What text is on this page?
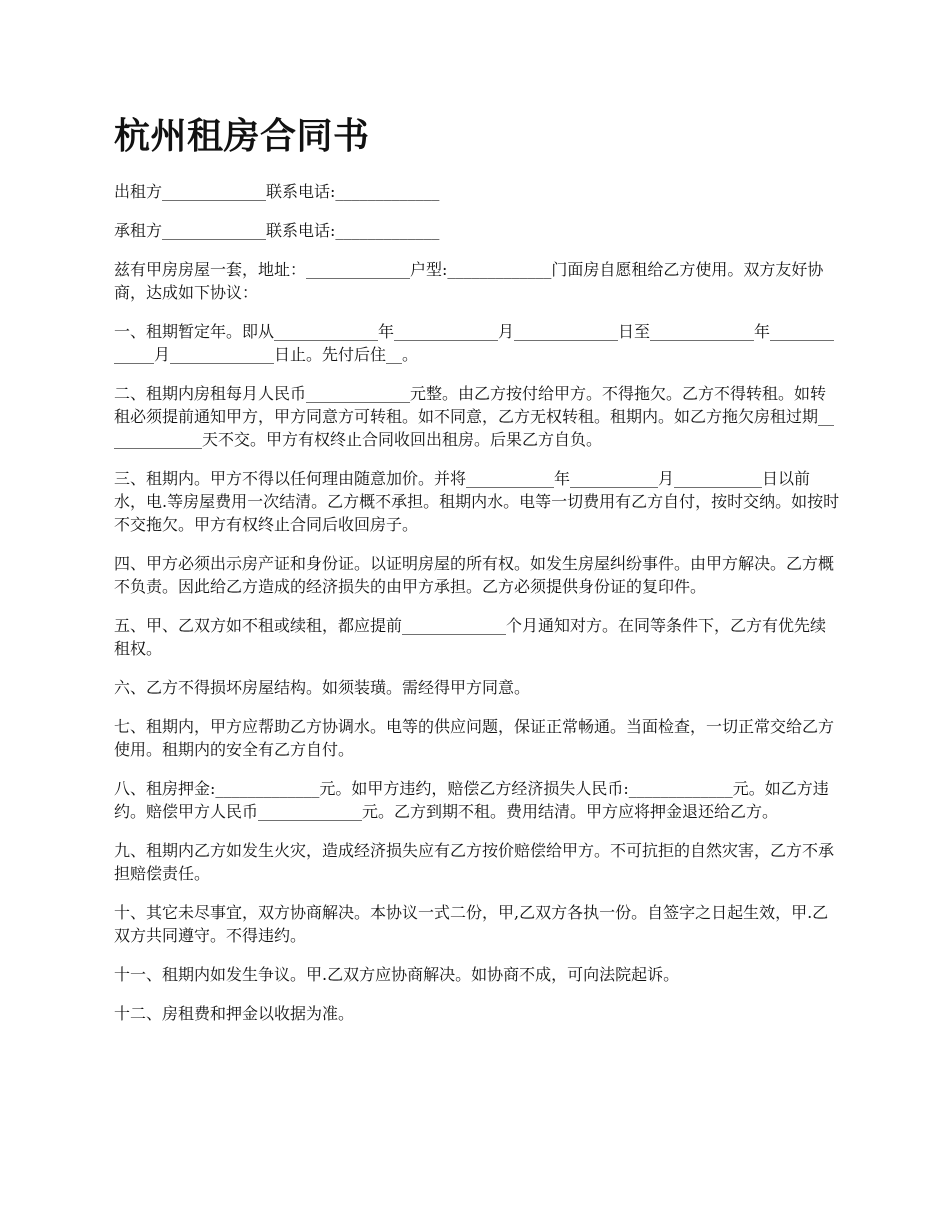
杭州租房合同书

出租方_____________联系电话:_____________

承租方_____________联系电话:_____________

兹有甲房房屋一套，地址：_____________户型:_____________门面房自愿租给乙方使用。双方友好协商，达成如下协议：

一、租期暂定年。即从_____________年_____________月_____________日至_____________年_____________月_____________日止。先付后住__。

二、租期内房租每月人民币_____________元整。由乙方按付给甲方。不得拖欠。乙方不得转租。如转租必须提前通知甲方，甲方同意方可转租。如不同意，乙方无权转租。租期内。如乙方拖欠房租过期_____________天不交。甲方有权终止合同收回出租房。后果乙方自负。

三、租期内。甲方不得以任何理由随意加价。并将___________年___________月___________日以前水，电.等房屋费用一次结清。乙方概不承担。租期内水。电等一切费用有乙方自付，按时交纳。如按时不交拖欠。甲方有权终止合同后收回房子。

四、甲方必须出示房产证和身份证。以证明房屋的所有权。如发生房屋纠纷事件。由甲方解决。乙方概不负责。因此给乙方造成的经济损失的由甲方承担。乙方必须提供身份证的复印件。

五、甲、乙双方如不租或续租，都应提前_____________个月通知对方。在同等条件下，乙方有优先续租权。

六、乙方不得损坏房屋结构。如须装璜。需经得甲方同意。

七、租期内，甲方应帮助乙方协调水。电等的供应问题，保证正常畅通。当面检查，一切正常交给乙方使用。租期内的安全有乙方自付。

八、租房押金:_____________元。如甲方违约，赔偿乙方经济损失人民币:_____________元。如乙方违约。赔偿甲方人民币_____________元。乙方到期不租。费用结清。甲方应将押金退还给乙方。

九、租期内乙方如发生火灾，造成经济损失应有乙方按价赔偿给甲方。不可抗拒的自然灾害，乙方不承担赔偿责任。

十、其它未尽事宜，双方协商解决。本协议一式二份，甲,乙双方各执一份。自签字之日起生效，甲.乙双方共同遵守。不得违约。

十一、租期内如发生争议。甲.乙双方应协商解决。如协商不成，可向法院起诉。

十二、房租费和押金以收据为准。
